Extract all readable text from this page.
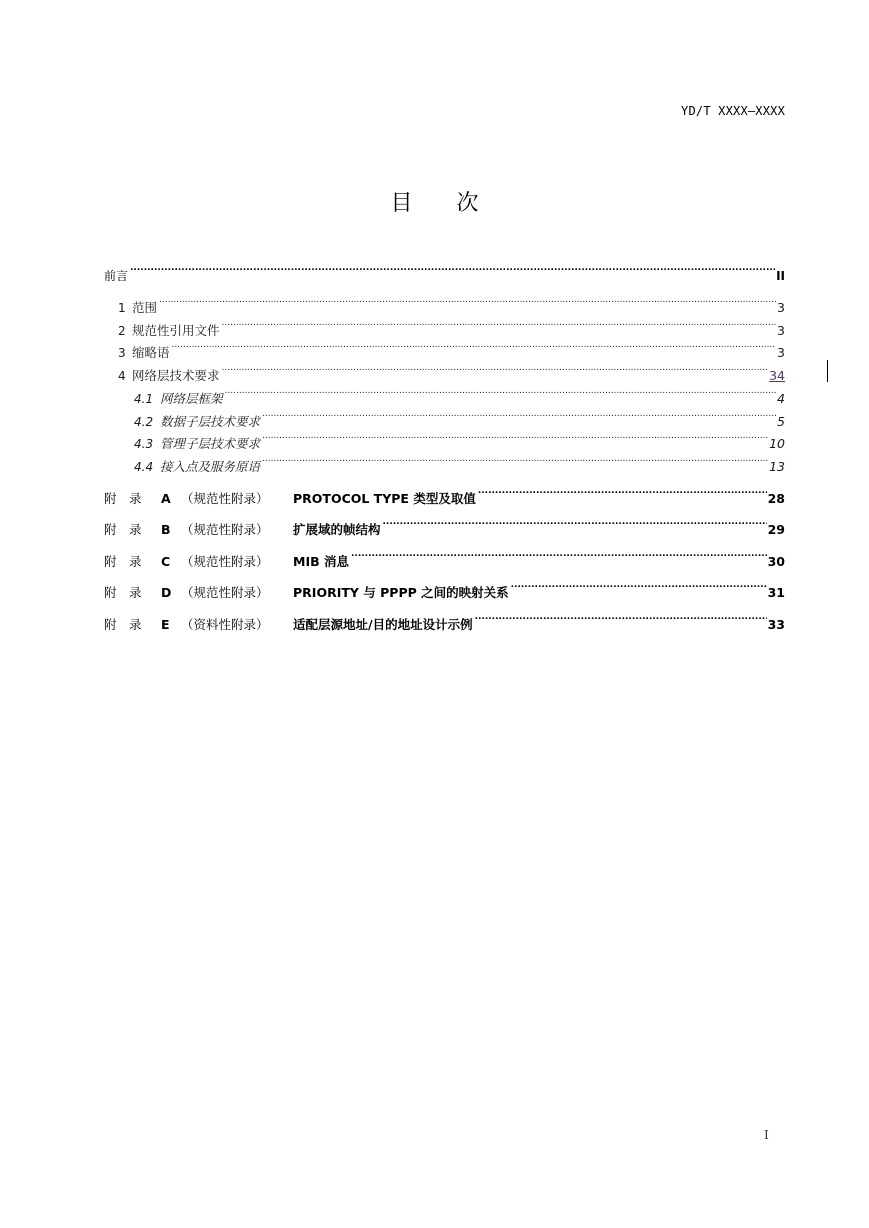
YD/T XXXX—XXXX
目 次
前言 .....	II
1 范围 .....	3
2 规范性引用文件 .....	3
3 缩略语 .....	3
4 网络层技术要求 .....	34
4.1 网络层框架 .....	4
4.2 数据子层技术要求 .....	5
4.3 管理子层技术要求 .....	10
4.4 接入点及服务原语 .....	13
附　录	A （规范性附录）	PROTOCOL TYPE 类型及取值 .....	28
附　录	B （规范性附录）	扩展域的帧结构 .....	29
附　录	C （规范性附录）	MIB 消息 .....	30
附　录	D （规范性附录）	PRIORITY 与 PPPP 之间的映射关系 .....	31
附　录	E （资料性附录）	适配层源地址/目的地址设计示例 .....	33
I
